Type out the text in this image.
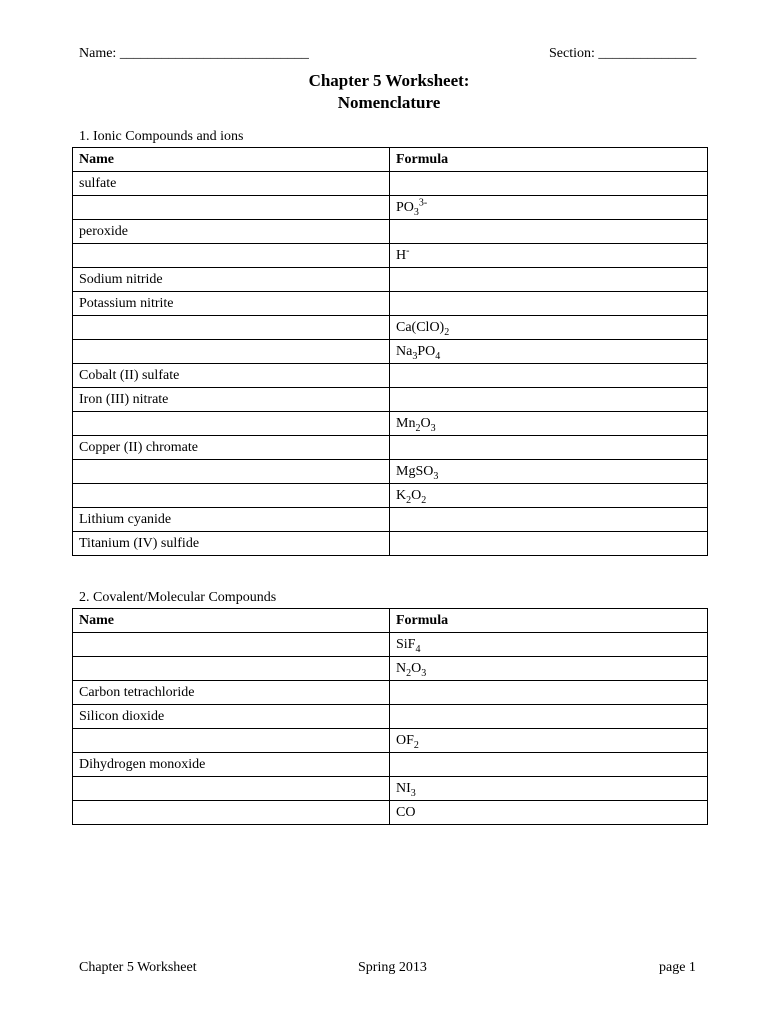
Name: ___________________________	Section: ______________
Chapter 5 Worksheet:
Nomenclature
1. Ionic Compounds and ions
Name	Formula
sulfate	
	$PO_3^{3-}$
peroxide	
	H-
Sodium nitride	
Potassium nitrite	
	$Ca(ClO)_2$
	$Na_3PO_4$
Cobalt (II) sulfate	
Iron (III) nitrate	
	$Mn_2O_3$
Copper (II) chromate	
	MgSO$_3$
	$K_2O_2$
Lithium cyanide	
Titanium (IV) sulfide	
2. Covalent/Molecular Compounds
Name	Formula
	SiF$_4$
	$N_2O_3$
Carbon tetrachloride	
Silicon dioxide	
	$OF_2$
Dihydrogen monoxide	
	$NI_3$
	CO
Chapter 5 Worksheet	Spring 2013	page 1
